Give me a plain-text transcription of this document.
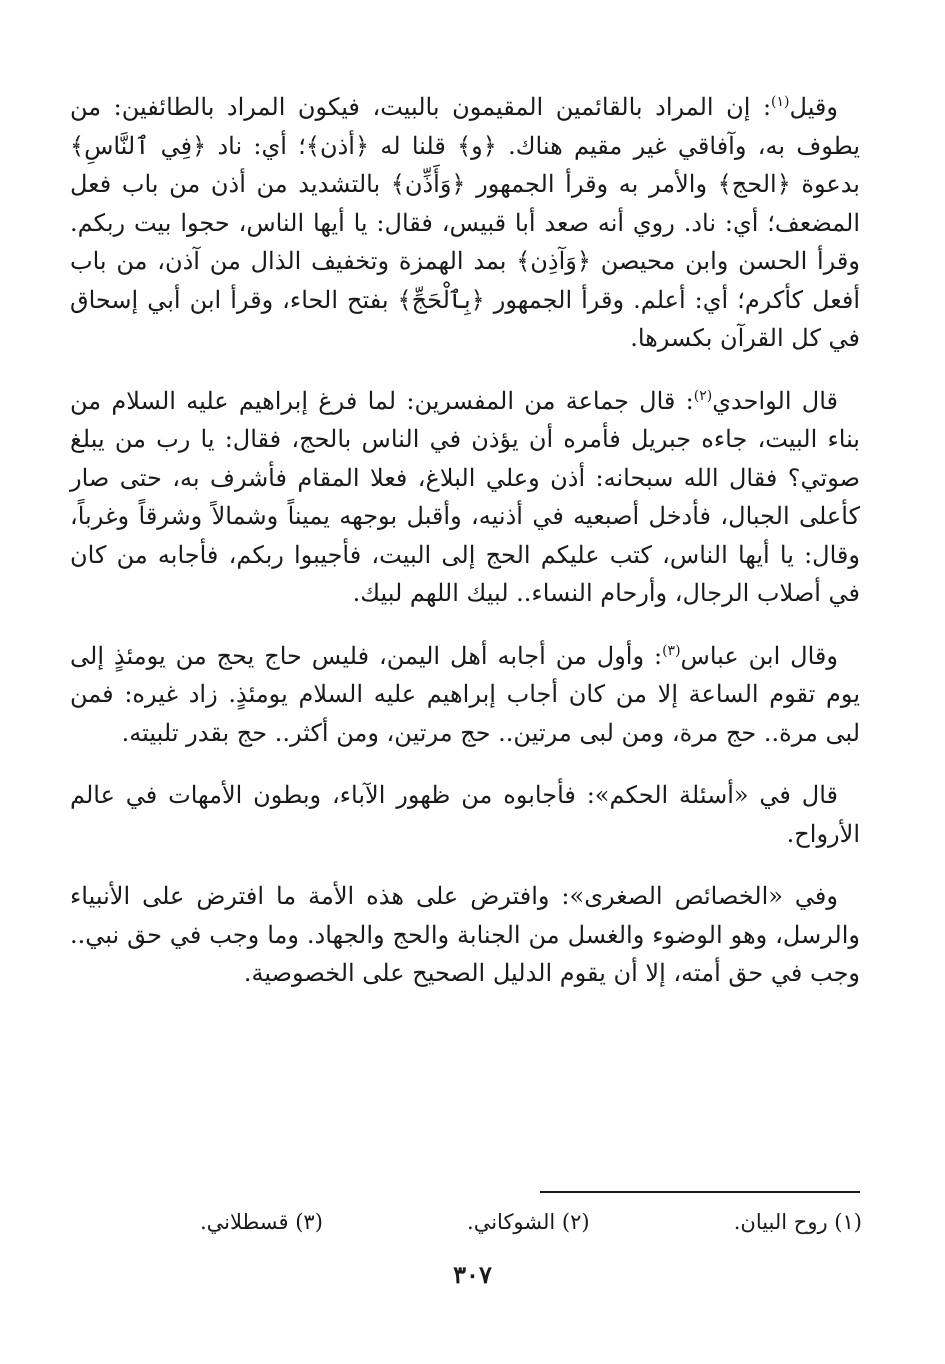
وقيل$^{(١)}$: إن المراد بالقائمين المقيمون بالبيت، فيكون المراد بالطائفين: من يطوف به، وآفاقي غير مقيم هناك. ﴿و﴾ قلنا له ﴿أذن﴾؛ أي: ناد ﴿فِي ٱلنَّاسِ﴾ بدعوة ﴿الحج﴾ والأمر به وقرأ الجمهور ﴿وَأَذِّن﴾ بالتشديد من أذن من باب فعل المضعف؛ أي: ناد. روي أنه صعد أبا قبيس، فقال: يا أيها الناس، حجوا بيت ربكم. وقرأ الحسن وابن محيصن ﴿وَآذِن﴾ بمد الهمزة وتخفيف الذال من آذن، من باب أفعل كأكرم؛ أي: أعلم. وقرأ الجمهور ﴿بِٱلْحَجِّ﴾ بفتح الحاء، وقرأ ابن أبي إسحاق في كل القرآن بكسرها.

قال الواحدي$^{(٢)}$: قال جماعة من المفسرين: لما فرغ إبراهيم عليه السلام من بناء البيت، جاءه جبريل فأمره أن يؤذن في الناس بالحج، فقال: يا رب من يبلغ صوتي؟ فقال الله سبحانه: أذن وعلي البلاغ، فعلا المقام فأشرف به، حتى صار كأعلى الجبال، فأدخل أصبعيه في أذنيه، وأقبل بوجهه يميناً وشمالاً وشرقاً وغرباً، وقال: يا أيها الناس، كتب عليكم الحج إلى البيت، فأجيبوا ربكم، فأجابه من كان في أصلاب الرجال، وأرحام النساء.. لبيك اللهم لبيك.

وقال ابن عباس$^{(٣)}$: وأول من أجابه أهل اليمن، فليس حاج يحج من يومئذٍ إلى يوم تقوم الساعة إلا من كان أجاب إبراهيم عليه السلام يومئذٍ. زاد غيره: فمن لبى مرة.. حج مرة، ومن لبى مرتين.. حج مرتين، ومن أكثر.. حج بقدر تلبيته.

قال في «أسئلة الحكم»: فأجابوه من ظهور الآباء، وبطون الأمهات في عالم الأرواح.

وفي «الخصائص الصغرى»: وافترض على هذه الأمة ما افترض على الأنبياء والرسل، وهو الوضوء والغسل من الجنابة والحج والجهاد. وما وجب في حق نبي.. وجب في حق أمته، إلا أن يقوم الدليل الصحيح على الخصوصية.

(١) روح البيان.
(٢) الشوكاني.
(٣) قسطلاني.
٣٠٧
